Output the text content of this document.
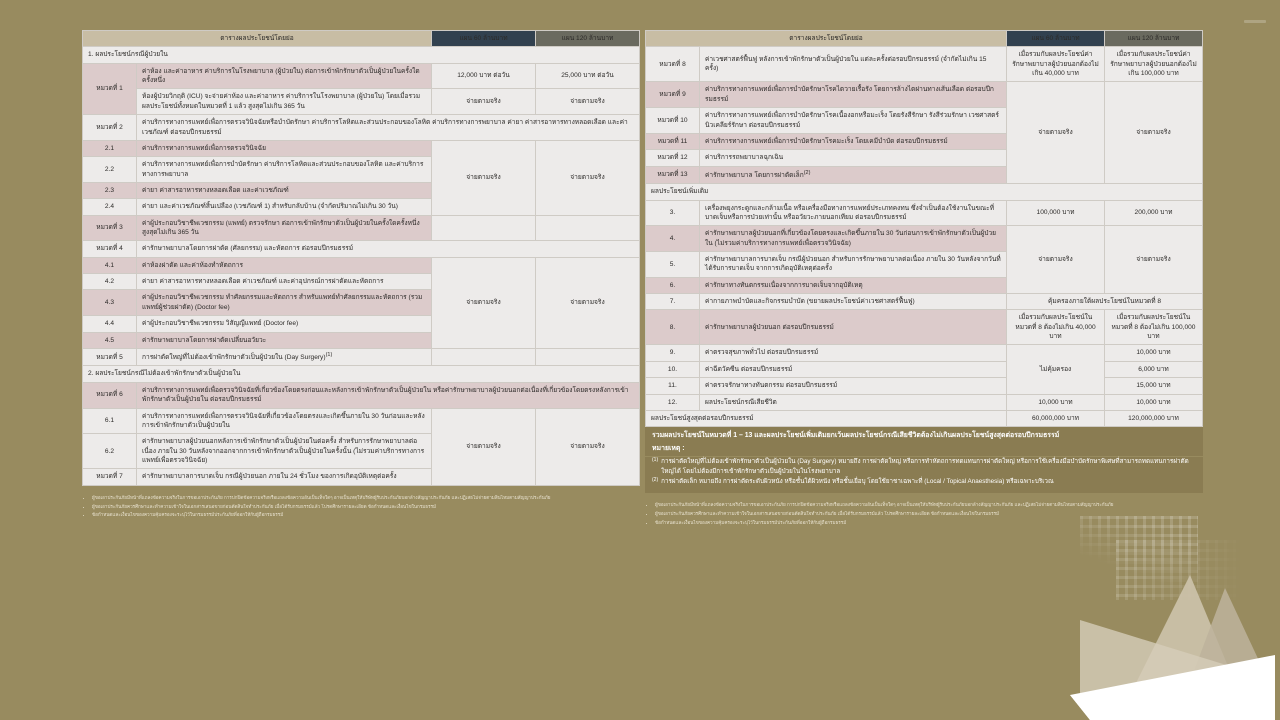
ตารางผลประโยชน์โดยย่อ		แผน 60 ล้านบาท	แผน 120 ล้านบาท
1. ผลประโยชน์กรณีผู้ป่วยใน			
หมวดที่ 1	ค่าห้อง และค่าอาหาร ค่าบริการในโรงพยาบาล (ผู้ป่วยใน) ต่อการเข้าพักรักษาตัวเป็นผู้ป่วยในครั้งใดครั้งหนึ่ง	12,000 บาท ต่อวัน	25,000 บาท ต่อวัน
	ห้องผู้ป่วยวิกฤติ (ICU) จะจ่ายค่าห้อง และค่าอาหาร ค่าบริการในโรงพยาบาล (ผู้ป่วยใน) โดยเมื่อรวมผลประโยชน์ทั้งหมดในหมวดที่ 1 แล้ว สูงสุดไม่เกิน 365 วัน	จ่ายตามจริง	จ่ายตามจริง
หมวดที่ 2	ค่าบริการทางการแพทย์เพื่อการตรวจวินิจฉัยหรือบำบัดรักษา ค่าบริการโลหิตและส่วนประกอบของโลหิต ค่าบริการทางการพยาบาล ค่ายา ค่าสารอาหารทางหลอดเลือด และค่าเวชภัณฑ์ ต่อรอบปีกรมธรรม์		
2.1	ค่าบริการทางการแพทย์เพื่อการตรวจวินิจฉัย	จ่ายตามจริง	จ่ายตามจริง
2.2	ค่าบริการทางการแพทย์เพื่อการบำบัดรักษา ค่าบริการโลหิตและส่วนประกอบของโลหิต และค่าบริการทางการพยาบาล		
2.3	ค่ายา ค่าสารอาหารทางหลอดเลือด และค่าเวชภัณฑ์		
2.4	ค่ายา และค่าเวชภัณฑ์สิ้นเปลือง (เวชภัณฑ์ 1) สำหรับกลับบ้าน (จำกัดปริมาณไม่เกิน 30 วัน)		
หมวดที่ 3	ค่าผู้ประกอบวิชาชีพเวชกรรม (แพทย์) ตรวจรักษา ต่อการเข้าพักรักษาตัวเป็นผู้ป่วยในครั้งใดครั้งหนึ่ง สูงสุดไม่เกิน 365 วัน		
หมวดที่ 4	ค่ารักษาพยาบาลโดยการผ่าตัด (ศัลยกรรม) และหัตถการ ต่อรอบปีกรมธรรม์		
4.1	ค่าห้องผ่าตัด และค่าห้องทำหัตถการ	จ่ายตามจริง	จ่ายตามจริง
4.2	ค่ายา ค่าสารอาหารทางหลอดเลือด ค่าเวชภัณฑ์ และค่าอุปกรณ์การผ่าตัดและหัตถการ		
4.3	ค่าผู้ประกอบวิชาชีพเวชกรรม ทำศัลยกรรมและหัตถการ สำหรับแพทย์ทำศัลยกรรมและหัตถการ (รวมแพทย์ผู้ช่วยผ่าตัด) (Doctor fee)		
4.4	ค่าผู้ประกอบวิชาชีพเวชกรรม วิสัญญีแพทย์ (Doctor fee)		
4.5	ค่ารักษาพยาบาลโดยการผ่าตัดเปลี่ยนอวัยวะ		
หมวดที่ 5	การผ่าตัดใหญ่ที่ไม่ต้องเข้าพักรักษาตัวเป็นผู้ป่วยใน (Day Surgery)$^{(1)}$		
2. ผลประโยชน์กรณีไม่ต้องเข้าพักรักษาตัวเป็นผู้ป่วยใน			
หมวดที่ 6	ค่าบริการทางการแพทย์เพื่อตรวจวินิจฉัยที่เกี่ยวข้องโดยตรงก่อนและหลังการเข้าพักรักษาตัวเป็นผู้ป่วยใน หรือค่ารักษาพยาบาลผู้ป่วยนอกต่อเนื่องที่เกี่ยวข้องโดยตรงหลังการเข้าพักรักษาตัวเป็นผู้ป่วยใน ต่อรอบปีกรมธรรม์		
6.1	ค่าบริการทางการแพทย์เพื่อการตรวจวินิจฉัยที่เกี่ยวข้องโดยตรงและเกิดขึ้นภายใน 30 วันก่อนและหลังการเข้าพักรักษาตัวเป็นผู้ป่วยใน	จ่ายตามจริง	จ่ายตามจริง
6.2	ค่ารักษาพยาบาลผู้ป่วยนอกหลังการเข้าพักรักษาตัวเป็นผู้ป่วยในต่อครั้ง สำหรับการรักษาพยาบาลต่อเนื่อง ภายใน 30 วันหลังจากออกจากการเข้าพักรักษาตัวเป็นผู้ป่วยในครั้งนั้น (ไม่รวมค่าบริการทางการแพทย์เพื่อตรวจวินิจฉัย)		
หมวดที่ 7	ค่ารักษาพยาบาลการบาดเจ็บ กรณีผู้ป่วยนอก ภายใน 24 ชั่วโมง ของการเกิดอุบัติเหตุต่อครั้ง		
• ผู้ขอเอาประกันภัยมีหน้าที่แถลงข้อความจริงในการขอเอาประกันภัย การปกปิดข้อความจริงหรือแถลงข้อความอันเป็นเท็จใดๆ อาจเป็นเหตุให้บริษัทผู้รับประกันภัยบอกล้างสัญญาประกันภัย และปฏิเสธไม่จ่ายตามสินไหมตามสัญญาประกันภัย
• ผู้ขอเอาประกันภัยควรศึกษาและทำความเข้าใจในเอกสารเสนอขายก่อนตัดสินใจทำประกันภัย เมื่อได้รับกรมธรรม์แล้ว โปรดศึกษารายละเอียด ข้อกำหนดและเงื่อนไขในกรมธรรม์
• ข้อกำหนดและเงื่อนไขของความคุ้มครองจะระบุไว้ในกรมธรรม์ประกันภัยที่ออกให้กับผู้ถือกรมธรรม์
ตารางผลประโยชน์โดยย่อ		แผน 60 ล้านบาท	แผน 120 ล้านบาท
หมวดที่ 8	ค่าเวชศาสตร์ฟื้นฟู หลังการเข้าพักรักษาตัวเป็นผู้ป่วยใน แต่ละครั้งต่อรอบปีกรมธรรม์ (จำกัดไม่เกิน 15 ครั้ง)	เมื่อรวมกับผลประโยชน์ค่ารักษาพยาบาลผู้ป่วยนอกต้องไม่เกิน 40,000 บาท	เมื่อรวมกับผลประโยชน์ค่ารักษาพยาบาลผู้ป่วยนอกต้องไม่เกิน 100,000 บาท
หมวดที่ 9	ค่าบริการทางการแพทย์เพื่อการบำบัดรักษาโรคไตวายเรื้อรัง โดยการล้างไตผ่านทางเส้นเลือด ต่อรอบปีกรมธรรม์	จ่ายตามจริง	จ่ายตามจริง
หมวดที่ 10	ค่าบริการทางการแพทย์เพื่อการบำบัดรักษาโรคเนื้องอกหรือมะเร็ง โดยรังสีรักษา รังสีร่วมรักษา เวชศาสตร์นิวเคลียร์รักษา ต่อรอบปีกรมธรรม์		
หมวดที่ 11	ค่าบริการทางการแพทย์เพื่อการบำบัดรักษาโรคมะเร็ง โดยเคมีบำบัด ต่อรอบปีกรมธรรม์		
หมวดที่ 12	ค่าบริการรถพยาบาลฉุกเฉิน		
หมวดที่ 13	ค่ารักษาพยาบาล โดยการผ่าตัดเล็ก$^{(2)}$
ผลประโยชน์เพิ่มเติม			
3.	เครื่องพยุงกระดูกและกล้ามเนื้อ หรือเครื่องมือทางการแพทย์ประเภทคงทน ซึ่งจำเป็นต้องใช้งานในขณะที่บาดเจ็บหรือการป่วยเท่านั้น หรืออวัยวะภายนอกเทียม ต่อรอบปีกรมธรรม์	100,000 บาท	200,000 บาท
4.	ค่ารักษาพยาบาลผู้ป่วยนอกที่เกี่ยวข้องโดยตรงและเกิดขึ้นภายใน 30 วันก่อนการเข้าพักรักษาตัวเป็นผู้ป่วยใน (ไม่รวมค่าบริการทางการแพทย์เพื่อตรวจวินิจฉัย)	จ่ายตามจริง	จ่ายตามจริง
5.	ค่ารักษาพยาบาลการบาดเจ็บ กรณีผู้ป่วยนอก สำหรับการรักษาพยาบาลต่อเนื่อง ภายใน 30 วันหลังจากวันที่ได้รับการบาดเจ็บ จากการเกิดอุบัติเหตุต่อครั้ง		
6.	ค่ารักษาทางทันตกรรมเนื่องจากการบาดเจ็บจากอุบัติเหตุ		
7.	ค่ากายภาพบำบัดและกิจกรรมบำบัด (ขยายผลประโยชน์ค่าเวชศาสตร์ฟื้นฟู)	คุ้มครองภายใต้ผลประโยชน์ในหมวดที่ 8	
8.	ค่ารักษาพยาบาลผู้ป่วยนอก ต่อรอบปีกรมธรรม์	เมื่อรวมกับผลประโยชน์ในหมวดที่ 8 ต้องไม่เกิน 40,000 บาท	เมื่อรวมกับผลประโยชน์ในหมวดที่ 8 ต้องไม่เกิน 100,000 บาท
9.	ค่าตรวจสุขภาพทั่วไป ต่อรอบปีกรมธรรม์	ไม่คุ้มครอง	10,000 บาท
10.	ค่าฉีดวัคซีน ต่อรอบปีกรมธรรม์		6,000 บาท
11.	ค่าตรวจรักษาทางทันตกรรม ต่อรอบปีกรมธรรม์		15,000 บาท
12.	ผลประโยชน์กรณีเสียชีวิต	10,000 บาท	10,000 บาท
ผลประโยชน์สูงสุดต่อรอบปีกรมธรรม์		60,000,000 บาท	120,000,000 บาท
รวมผลประโยชน์ในหมวดที่ 1 – 13 และผลประโยชน์เพิ่มเติมยกเว้นผลประโยชน์กรณีเสียชีวิตต้องไม่เกินผลประโยชน์สูงสุดต่อรอบปีกรมธรรม์
หมายเหตุ :
(1) การผ่าตัดใหญ่ที่ไม่ต้องเข้าพักรักษาตัวเป็นผู้ป่วยใน (Day Surgery) หมายถึง การผ่าตัดใหญ่ หรือการทำหัตถการทดแทนการผ่าตัดใหญ่ หรือการใช้เครื่องมือบำบัดรักษาพิเศษที่สามารถทดแทนการผ่าตัดใหญ่ได้ โดยไม่ต้องมีการเข้าพักรักษาตัวเป็นผู้ป่วยในในโรงพยาบาล
(2) การผ่าตัดเล็ก หมายถึง การผ่าตัดระดับผิวหนัง หรือชั้นใต้ผิวหนัง หรือชั้นเยื่อบุ โดยใช้ยาชาเฉพาะที่ (Local / Topical Anaesthesia) หรือเฉพาะบริเวณ
• ผู้ขอเอาประกันภัยมีหน้าที่แถลงข้อความจริงในการขอเอาประกันภัย การปกปิดข้อความจริงหรือแถลงข้อความอันเป็นเท็จใดๆ อาจเป็นเหตุให้บริษัทผู้รับประกันภัยบอกล้างสัญญาประกันภัย และปฏิเสธไม่จ่ายตามสินไหมตามสัญญาประกันภัย
• ผู้ขอเอาประกันภัยควรศึกษาและทำความเข้าใจในเอกสารเสนอขายก่อนตัดสินใจทำประกันภัย เมื่อได้รับกรมธรรม์แล้ว โปรดศึกษารายละเอียด ข้อกำหนดและเงื่อนไขในกรมธรรม์
• ข้อกำหนดและเงื่อนไขของความคุ้มครองจะระบุไว้ในกรมธรรม์ประกันภัยที่ออกให้กับผู้ถือกรมธรรม์
